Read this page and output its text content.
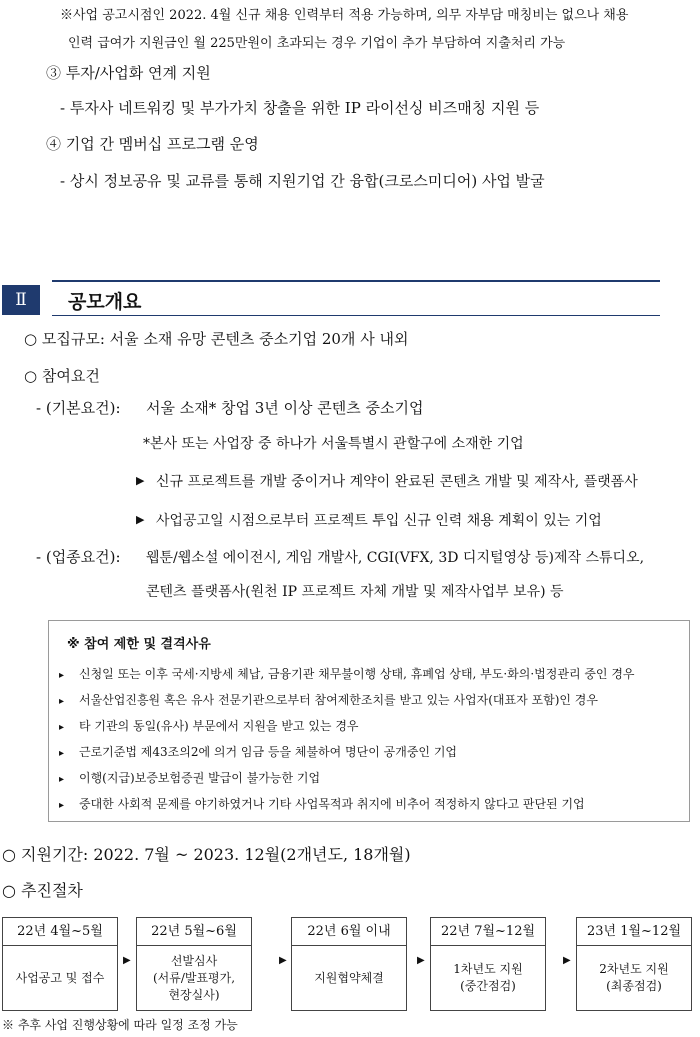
※사업 공고시점인 2022. 4월 신규 채용 인력부터 적용 가능하며, 의무 자부담 매칭비는 없으나 채용
인력 급여가 지원금인 월 225만원이 초과되는 경우 기업이 추가 부담하여 지출처리 가능
③ 투자/사업화 연계 지원
- 투자사 네트워킹 및 부가가치 창출을 위한 IP 라이선싱 비즈매칭 지원 등
④ 기업 간 멤버십 프로그램 운영
- 상시 정보공유 및 교류를 통해 지원기업 간 융합(크로스미디어) 사업 발굴
Ⅱ	공모개요
○ 모집규모: 서울 소재 유망 콘텐츠 중소기업 20개 사 내외
○ 참여요건
- (기본요건): 서울 소재* 창업 3년 이상 콘텐츠 중소기업
*본사 또는 사업장 중 하나가 서울특별시 관할구에 소재한 기업
▶ 신규 프로젝트를 개발 중이거나 계약이 완료된 콘텐츠 개발 및 제작사, 플랫폼사
▶ 사업공고일 시점으로부터 프로젝트 투입 신규 인력 채용 계획이 있는 기업
- (업종요건): 웹툰/웹소설 에이전시, 게임 개발사, CGI(VFX, 3D 디지털영상 등)제작 스튜디오,
콘텐츠 플랫폼사(원천 IP 프로젝트 자체 개발 및 제작사업부 보유) 등
※ 참여 제한 및 결격사유
▸ 신청일 또는 이후 국세·지방세 체납, 금융기관 채무불이행 상태, 휴폐업 상태, 부도·화의·법정관리 중인 경우
▸ 서울산업진흥원 혹은 유사 전문기관으로부터 참여제한조치를 받고 있는 사업자(대표자 포함)인 경우
▸ 타 기관의 동일(유사) 부문에서 지원을 받고 있는 경우
▸ 근로기준법 제43조의2에 의거 임금 등을 체불하여 명단이 공개중인 기업
▸ 이행(지급)보증보험증권 발급이 불가능한 기업
▸ 중대한 사회적 문제를 야기하였거나 기타 사업목적과 취지에 비추어 적정하지 않다고 판단된 기업
○ 지원기간: 2022. 7월 ~ 2023. 12월(2개년도, 18개월)
○ 추진절차
22년 4월~5월
사업공고 및 접수
▶
22년 5월~6월
선발심사
(서류/발표평가,
현장실사)
▶
22년 6월 이내
지원협약체결
▶
22년 7월~12월
1차년도 지원
(중간점검)
▶
23년 1월~12월
2차년도 지원
(최종점검)
※ 추후 사업 진행상황에 따라 일정 조정 가능
